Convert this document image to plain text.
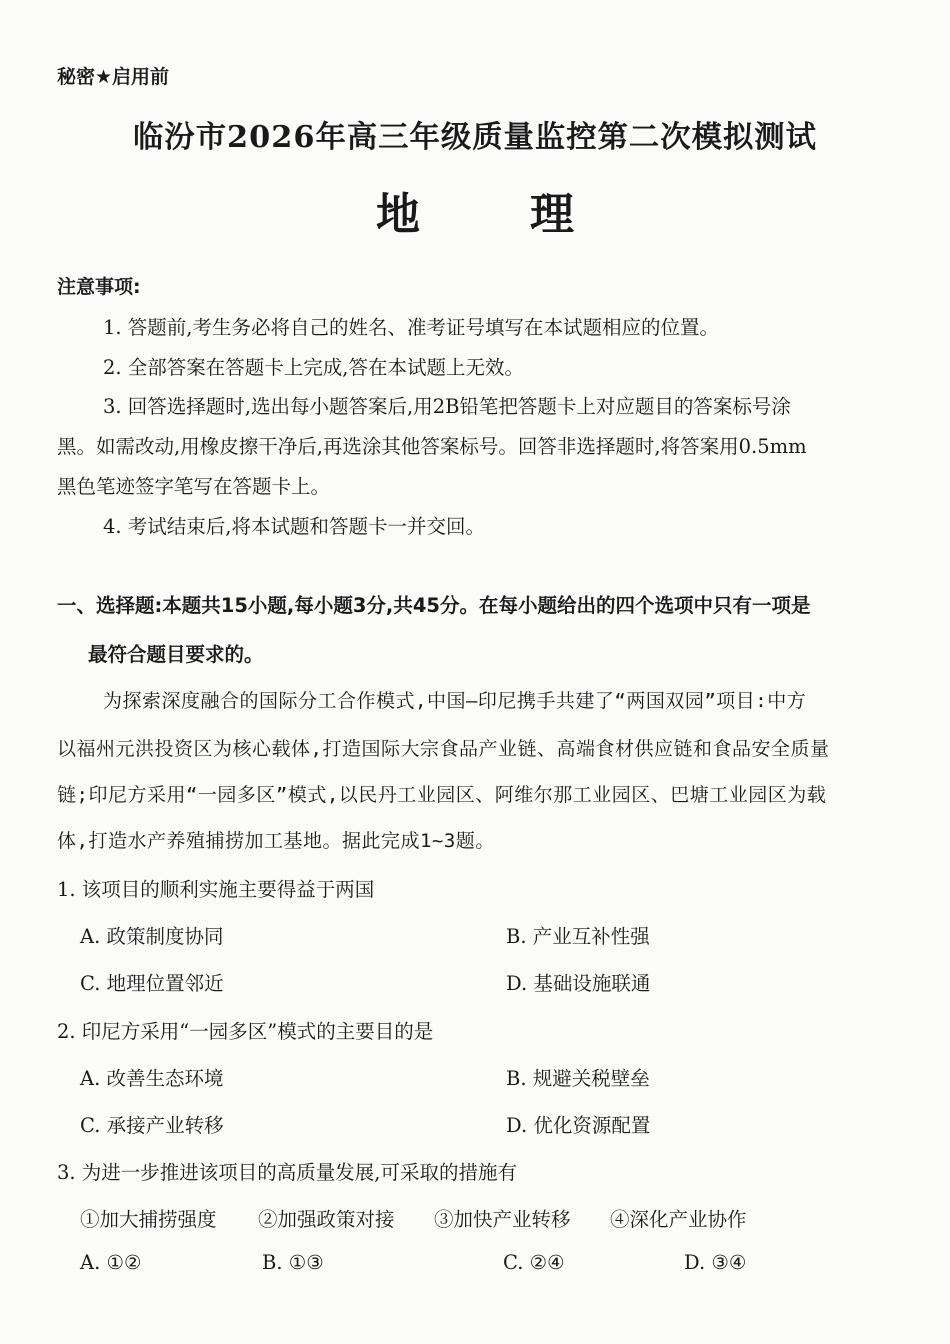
秘密★启用前
临汾市2026年高三年级质量监控第二次模拟测试
地	理
注意事项:
1. 答题前,考生务必将自己的姓名、准考证号填写在本试题相应的位置。
2. 全部答案在答题卡上完成,答在本试题上无效。
3. 回答选择题时,选出每小题答案后,用2B铅笔把答题卡上对应题目的答案标号涂
黑。如需改动,用橡皮擦干净后,再选涂其他答案标号。回答非选择题时,将答案用0.5mm
黑色笔迹签字笔写在答题卡上。
4. 考试结束后,将本试题和答题卡一并交回。
一、选择题:本题共15小题,每小题3分,共45分。在每小题给出的四个选项中只有一项是
最符合题目要求的。
为探索深度融合的国际分工合作模式,中国—印尼携手共建了“两国双园”项目:中方
以福州元洪投资区为核心载体,打造国际大宗食品产业链、高端食材供应链和食品安全质量
链;印尼方采用“一园多区”模式,以民丹工业园区、阿维尔那工业园区、巴塘工业园区为载
体,打造水产养殖捕捞加工基地。据此完成1~3题。
1. 该项目的顺利实施主要得益于两国
A. 政策制度协同	B. 产业互补性强
C. 地理位置邻近	D. 基础设施联通
2. 印尼方采用“一园多区”模式的主要目的是
A. 改善生态环境	B. 规避关税壁垒
C. 承接产业转移	D. 优化资源配置
3. 为进一步推进该项目的高质量发展,可采取的措施有
①加大捕捞强度 ②加强政策对接 ③加快产业转移 ④深化产业协作
A. ①②	B. ①③	C. ②④	D. ③④
